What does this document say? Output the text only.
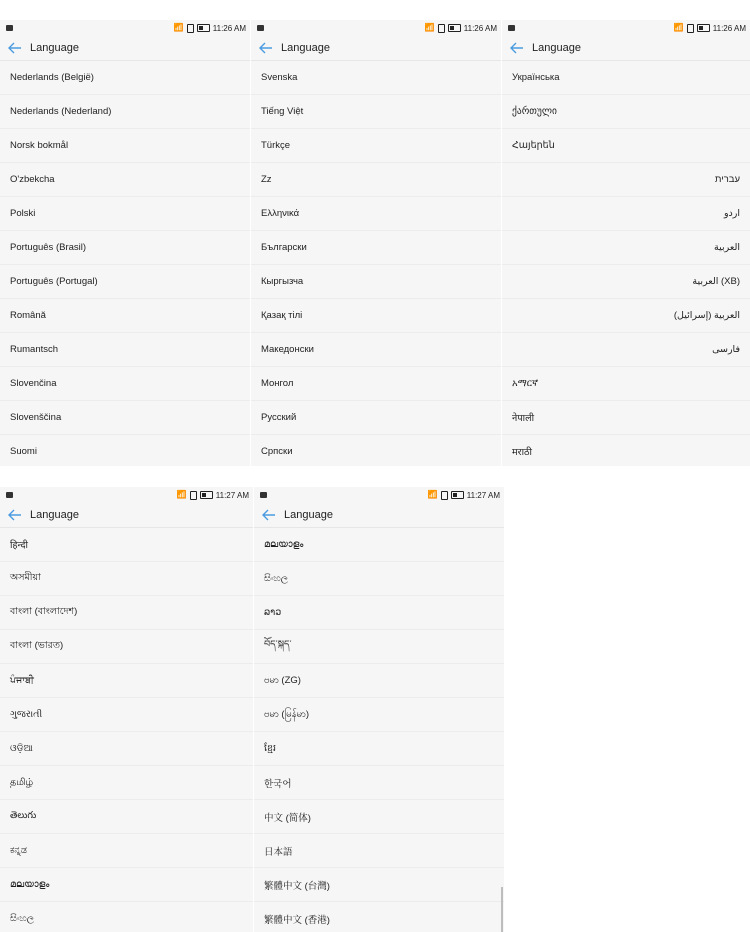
📶	11:26 AM
Language
Nederlands (België)
Nederlands (Nederland)
Norsk bokmål
O'zbekcha
Polski
Português (Brasil)
Português (Portugal)
Română
Rumantsch
Slovenčina
Slovenščina
Suomi
📶	11:26 AM
Language
Svenska
Tiếng Việt
Türkçe
Zz
Ελληνικά
Български
Кыргызча
Қазақ тілі
Македонски
Монгол
Русский
Српски
📶	11:26 AM
Language
Українська
ქართული
Հայերեն
עברית
اردو
العربية
العربية (XB)
العربية (إسرائيل)
فارسی
አማርኛ
नेपाली
मराठी
📶	11:27 AM
Language
हिन्दी
অসমীয়া
বাংলা (বাংলাদেশ)
বাংলা (ভারত)
ਪੰਜਾਬੀ
ગુજરાતી
ଓଡ଼ିଆ
தமிழ்
తెలుగు
ಕನ್ನಡ
മലയാളം
සිංහල
📶	11:27 AM
Language
മലയാളം
සිංහල
ລາວ
བོད་སྐད་
ဗမာ (ZG)
ဗမာ (မြန်မာ)
ខ្មែរ
한국어
中文 (简体)
日本語
繁體中文 (台灣)
繁體中文 (香港)
